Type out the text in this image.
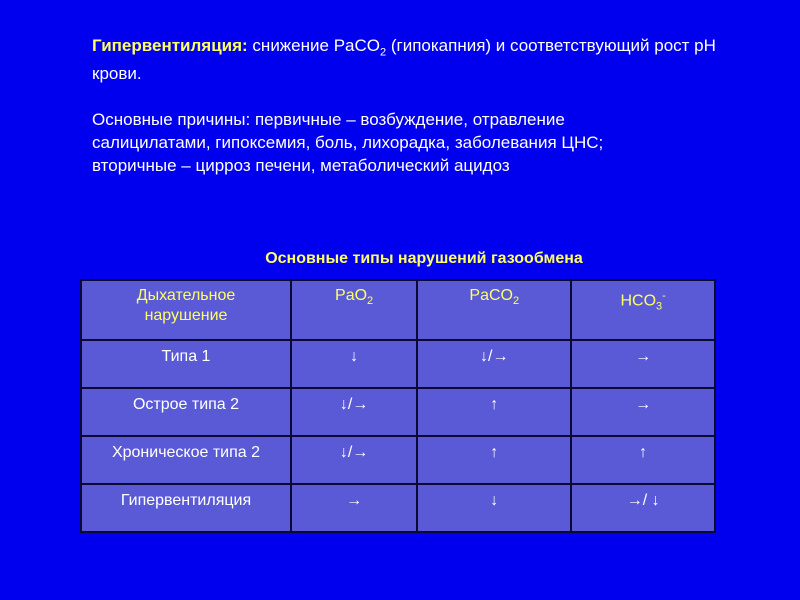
Гипервентиляция: снижение PaCO$_2$ (гипокапния) и соответствующий рост рН крови.

Основные причины: первичные – возбуждение, отравление
салицилатами, гипоксемия, боль, лихорадка, заболевания ЦНС;
вторичные – цирроз печени, метаболический ацидоз

Основные типы нарушений газообмена
Дыхательное
нарушение	PaO$_2$	PaCO$_2$	$HCO_3^-$
Типа 1	↓	↓/→	→
Острое типа 2	↓/→	↑	→
Хроническое типа 2	↓/→	↑	↑
Гипервентиляция	→	↓	→/ ↓
